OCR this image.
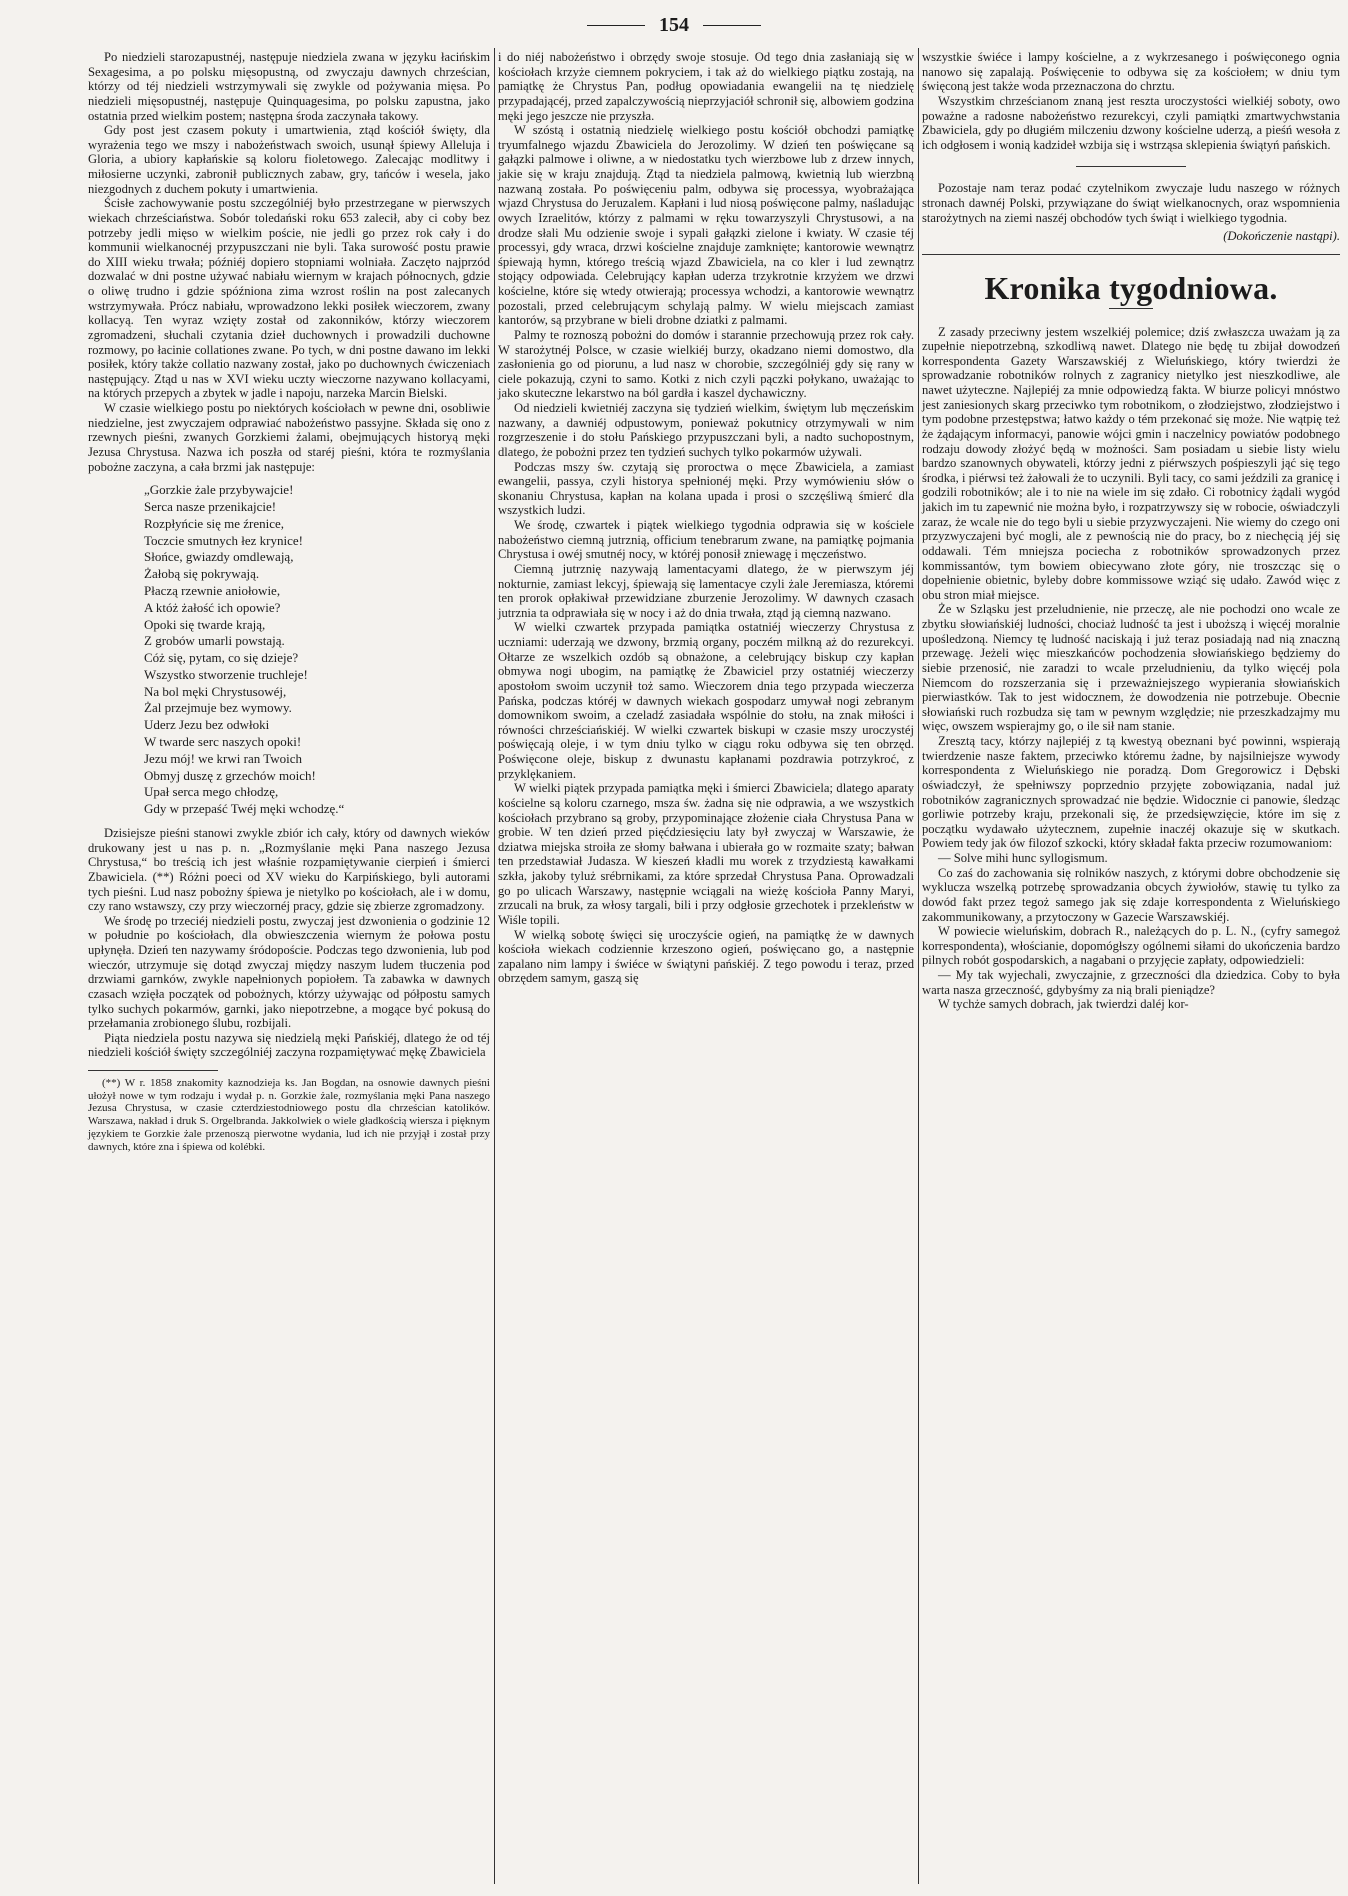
154

Po niedzieli starozapustnéj, następuje niedziela zwana w języku łacińskim Sexagesima, a po polsku mięsopustną, od zwyczaju dawnych chrześcian, którzy od téj niedzieli wstrzymywali się zwykle od pożywania mięsa. Po niedzieli mięsopustnéj, następuje Quinquagesima, po polsku zapustna, jako ostatnia przed wielkim postem; następna środa zaczynała takowy.

Gdy post jest czasem pokuty i umartwienia, ztąd kościół święty, dla wyrażenia tego we mszy i nabożeństwach swoich, usunął śpiewy Alleluja i Gloria, a ubiory kapłańskie są koloru fioletowego. Zalecając modlitwy i miłosierne uczynki, zabronił publicznych zabaw, gry, tańców i wesela, jako niezgodnych z duchem pokuty i umartwienia.

Ścisłe zachowywanie postu szczególniéj było przestrzegane w pierwszych wiekach chrześciaństwa. Sobór toledański roku 653 zalecił, aby ci coby bez potrzeby jedli mięso w wielkim poście, nie jedli go przez rok cały i do kommunii wielkanocnéj przypuszczani nie byli. Taka surowość postu prawie do XIII wieku trwała; późniéj dopiero stopniami wolniała. Zaczęto najprzód dozwalać w dni postne używać nabiału wiernym w krajach północnych, gdzie o oliwę trudno i gdzie spóźniona zima wzrost roślin na post zalecanych wstrzymywała. Prócz nabiału, wprowadzono lekki posiłek wieczorem, zwany kollacyą. Ten wyraz wzięty został od zakonników, którzy wieczorem zgromadzeni, słuchali czytania dzieł duchownych i prowadzili duchowne rozmowy, po łacinie collationes zwane. Po tych, w dni postne dawano im lekki posiłek, który także collatio nazwany został, jako po duchownych ćwiczeniach następujący. Ztąd u nas w XVI wieku uczty wieczorne nazywano kollacyami, na których przepych a zbytek w jadle i napoju, narzeka Marcin Bielski.

W czasie wielkiego postu po niektórych kościołach w pewne dni, osobliwie niedzielne, jest zwyczajem odprawiać nabożeństwo passyjne. Składa się ono z rzewnych pieśni, zwanych Gorzkiemi żalami, obejmujących historyą męki Jezusa Chrystusa. Nazwa ich poszła od staréj pieśni, która te rozmyślania pobożne zaczyna, a cała brzmi jak następuje:

„Gorzkie żale przybywajcie!
Serca nasze przenikajcie!
Rozpłyńcie się me źrenice,
Toczcie smutnych łez krynice!
Słońce, gwiazdy omdlewają,
Żałobą się pokrywają.
Płaczą rzewnie aniołowie,
A któż żałość ich opowie?
Opoki się twarde krają,
Z grobów umarli powstają.
Cóż się, pytam, co się dzieje?
Wszystko stworzenie truchleje!
Na bol męki Chrystusowéj,
Żal przejmuje bez wymowy.
Uderz Jezu bez odwłoki
W twarde serc naszych opoki!
Jezu mój! we krwi ran Twoich
Obmyj duszę z grzechów moich!
Upał serca mego chłodzę,
Gdy w przepaść Twéj męki wchodzę.“

Dzisiejsze pieśni stanowi zwykle zbiór ich cały, który od dawnych wieków drukowany jest u nas p. n. „Rozmyślanie męki Pana naszego Jezusa Chrystusa,“ bo treścią ich jest właśnie rozpamiętywanie cierpień i śmierci Zbawiciela. (**) Różni poeci od XV wieku do Karpińskiego, byli autorami tych pieśni. Lud nasz pobożny śpiewa je nietylko po kościołach, ale i w domu, czy rano wstawszy, czy przy wieczornéj pracy, gdzie się zbierze zgromadzony.

We środę po trzeciéj niedzieli postu, zwyczaj jest dzwonienia o godzinie 12 w południe po kościołach, dla obwieszczenia wiernym że połowa postu upłynęła. Dzień ten nazywamy śródopoście. Podczas tego dzwonienia, lub pod wieczór, utrzymuje się dotąd zwyczaj między naszym ludem tłuczenia pod drzwiami garnków, zwykle napełnionych popiołem. Ta zabawka w dawnych czasach wzięła początek od pobożnych, którzy używając od półpostu samych tylko suchych pokarmów, garnki, jako niepotrzebne, a mogące być pokusą do przełamania zrobionego ślubu, rozbijali.

Piąta niedziela postu nazywa się niedzielą męki Pańskiéj, dlatego że od téj niedzieli kościół święty szczególniéj zaczyna rozpamiętywać mękę Zbawiciela

(**) W r. 1858 znakomity kaznodzieja ks. Jan Bogdan, na osnowie dawnych pieśni ułożył nowe w tym rodzaju i wydał p. n. Gorzkie żale, rozmyślania męki Pana naszego Jezusa Chrystusa, w czasie czterdziestodniowego postu dla chrześcian katolików. Warszawa, nakład i druk S. Orgelbranda. Jakkolwiek o wiele gładkością wiersza i pięknym językiem te Gorzkie żale przenoszą pierwotne wydania, lud ich nie przyjął i został przy dawnych, które zna i śpiewa od kolébki.

i do niéj nabożeństwo i obrzędy swoje stosuje. Od tego dnia zasłaniają się w kościołach krzyże ciemnem pokryciem, i tak aż do wielkiego piątku zostają, na pamiątkę że Chrystus Pan, podług opowiadania ewangelii na tę niedzielę przypadającéj, przed zapalczywością nieprzyjaciół schronił się, albowiem godzina męki jego jeszcze nie przyszła.

W szóstą i ostatnią niedzielę wielkiego postu kościół obchodzi pamiątkę tryumfalnego wjazdu Zbawiciela do Jerozolimy. W dzień ten poświęcane są gałązki palmowe i oliwne, a w niedostatku tych wierzbowe lub z drzew innych, jakie się w kraju znajdują. Ztąd ta niedziela palmową, kwietnią lub wierzbną nazwaną została. Po poświęceniu palm, odbywa się processya, wyobrażająca wjazd Chrystusa do Jeruzalem. Kapłani i lud niosą poświęcone palmy, naśladując owych Izraelitów, którzy z palmami w ręku towarzyszyli Chrystusowi, a na drodze słali Mu odzienie swoje i sypali gałązki zielone i kwiaty. W czasie téj processyi, gdy wraca, drzwi kościelne znajduje zamknięte; kantorowie wewnątrz śpiewają hymn, którego treścią wjazd Zbawiciela, na co kler i lud zewnątrz stojący odpowiada. Celebrujący kapłan uderza trzykrotnie krzyżem we drzwi kościelne, które się wtedy otwierają; processya wchodzi, a kantorowie wewnątrz pozostali, przed celebrującym schylają palmy. W wielu miejscach zamiast kantorów, są przybrane w bieli drobne dziatki z palmami.

Palmy te roznoszą pobożni do domów i starannie przechowują przez rok cały. W starożytnéj Polsce, w czasie wielkiéj burzy, okadzano niemi domostwo, dla zasłonienia go od piorunu, a lud nasz w chorobie, szczególniéj gdy się rany w ciele pokazują, czyni to samo. Kotki z nich czyli pączki połykano, uważając to jako skuteczne lekarstwo na ból gardła i kaszel dychawiczny.

Od niedzieli kwietniéj zaczyna się tydzień wielkim, świętym lub męczeńskim nazwany, a dawniéj odpustowym, ponieważ pokutnicy otrzymywali w nim rozgrzeszenie i do stołu Pańskiego przypuszczani byli, a nadto suchopostnym, dlatego, że pobożni przez ten tydzień suchych tylko pokarmów używali.

Podczas mszy św. czytają się proroctwa o męce Zbawiciela, a zamiast ewangelii, passya, czyli historya spełnionéj męki. Przy wymówieniu słów o skonaniu Chrystusa, kapłan na kolana upada i prosi o szczęśliwą śmierć dla wszystkich ludzi.

We środę, czwartek i piątek wielkiego tygodnia odprawia się w kościele nabożeństwo ciemną jutrznią, officium tenebrarum zwane, na pamiątkę pojmania Chrystusa i owéj smutnéj nocy, w któréj ponosił zniewagę i męczeństwo.

Ciemną jutrznię nazywają lamentacyami dlatego, że w pierwszym jéj nokturnie, zamiast lekcyj, śpiewają się lamentacye czyli żale Jeremiasza, któremi ten prorok opłakiwał przewidziane zburzenie Jerozolimy. W dawnych czasach jutrznia ta odprawiała się w nocy i aż do dnia trwała, ztąd ją ciemną nazwano.

W wielki czwartek przypada pamiątka ostatniéj wieczerzy Chrystusa z uczniami: uderzają we dzwony, brzmią organy, poczém milkną aż do rezurekcyi. Ołtarze ze wszelkich ozdób są obnażone, a celebrujący biskup czy kapłan obmywa nogi ubogim, na pamiątkę że Zbawiciel przy ostatniéj wieczerzy apostołom swoim uczynił toż samo. Wieczorem dnia tego przypada wieczerza Pańska, podczas któréj w dawnych wiekach gospodarz umywał nogi zebranym domownikom swoim, a czeladź zasiadała wspólnie do stołu, na znak miłości i równości chrześciańskiéj. W wielki czwartek biskupi w czasie mszy uroczystéj poświęcają oleje, i w tym dniu tylko w ciągu roku odbywa się ten obrzęd. Poświęcone oleje, biskup z dwunastu kapłanami pozdrawia potrzykroć, z przyklękaniem.

W wielki piątek przypada pamiątka męki i śmierci Zbawiciela; dlatego aparaty kościelne są koloru czarnego, msza św. żadna się nie odprawia, a we wszystkich kościołach przybrano są groby, przypominające złożenie ciała Chrystusa Pana w grobie. W ten dzień przed pięćdziesięciu laty był zwyczaj w Warszawie, że dziatwa miejska stroiła ze słomy bałwana i ubierała go w rozmaite szaty; bałwan ten przedstawiał Judasza. W kieszeń kładli mu worek z trzydziestą kawałkami szkła, jakoby tyluż srébrnikami, za które sprzedał Chrystusa Pana. Oprowadzali go po ulicach Warszawy, następnie wciągali na wieżę kościoła Panny Maryi, zrzucali na bruk, za włosy targali, bili i przy odgłosie grzechotek i przekleństw w Wiśle topili.

W wielką sobotę święci się uroczyście ogień, na pamiątkę że w dawnych kościoła wiekach codziennie krzeszono ogień, poświęcano go, a następnie zapalano nim lampy i świéce w świątyni pańskiéj. Z tego powodu i teraz, przed obrzędem samym, gaszą się

wszystkie świéce i lampy kościelne, a z wykrzesanego i poświęconego ognia nanowo się zapalają. Poświęcenie to odbywa się za kościołem; w dniu tym święconą jest także woda przeznaczona do chrztu.

Wszystkim chrześcianom znaną jest reszta uroczystości wielkiéj soboty, owo poważne a radosne nabożeństwo rezurekcyi, czyli pamiątki zmartwychwstania Zbawiciela, gdy po długiém milczeniu dzwony kościelne uderzą, a pieśń wesoła z ich odgłosem i wonią kadzideł wzbija się i wstrząsa sklepienia świątyń pańskich.

Pozostaje nam teraz podać czytelnikom zwyczaje ludu naszego w różnych stronach dawnéj Polski, przywiązane do świąt wielkanocnych, oraz wspomnienia starożytnych na ziemi naszéj obchodów tych świąt i wielkiego tygodnia.

(Dokończenie nastąpi).
Kronika tygodniowa.

Z zasady przeciwny jestem wszelkiéj polemice; dziś zwłaszcza uważam ją za zupełnie niepotrzebną, szkodliwą nawet. Dlatego nie będę tu zbijał dowodzeń korrespondenta Gazety Warszawskiéj z Wieluńskiego, który twierdzi że sprowadzanie robotników rolnych z zagranicy nietylko jest nieszkodliwe, ale nawet użyteczne. Najlepiéj za mnie odpowiedzą fakta. W biurze policyi mnóstwo jest zaniesionych skarg przeciwko tym robotnikom, o złodziejstwo, złodziejstwo i tym podobne przestępstwa; łatwo każdy o tém przekonać się może. Nie wątpię też że żądającym informacyi, panowie wójci gmin i naczelnicy powiatów podobnego rodzaju dowody złożyć będą w możności. Sam posiadam u siebie listy wielu bardzo szanownych obywateli, którzy jedni z piérwszych pośpieszyli jąć się tego środka, i piérwsi też żałowali że to uczynili. Byli tacy, co sami jeździli za granicę i godzili robotników; ale i to nie na wiele im się zdało. Ci robotnicy żądali wygód jakich im tu zapewnić nie można było, i rozpatrzywszy się w robocie, oświadczyli zaraz, że wcale nie do tego byli u siebie przyzwyczajeni. Nie wiemy do czego oni przyzwyczajeni być mogli, ale z pewnością nie do pracy, bo z niechęcią jéj się oddawali. Tém mniejsza pociecha z robotników sprowadzonych przez kommissantów, tym bowiem obiecywano złote góry, nie troszcząc się o dopełnienie obietnic, byleby dobre kommissowe wziąć się udało. Zawód więc z obu stron miał miejsce.

Że w Szląsku jest przeludnienie, nie przeczę, ale nie pochodzi ono wcale ze zbytku słowiańskiéj ludności, chociaż ludność ta jest i uboższą i więcéj moralnie upośledzoną. Niemcy tę ludność naciskają i już teraz posiadają nad nią znaczną przewagę. Jeżeli więc mieszkańców pochodzenia słowiańskiego będziemy do siebie przenosić, nie zaradzi to wcale przeludnieniu, da tylko więcéj pola Niemcom do rozszerzania się i przeważniejszego wypierania słowiańskich pierwiastków. Tak to jest widocznem, że dowodzenia nie potrzebuje. Obecnie słowiański ruch rozbudza się tam w pewnym względzie; nie przeszkadzajmy mu więc, owszem wspierajmy go, o ile sił nam stanie.

Zresztą tacy, którzy najlepiéj z tą kwestyą obeznani być powinni, wspierają twierdzenie nasze faktem, przeciwko któremu żadne, by najsilniejsze wywody korrespondenta z Wieluńskiego nie poradzą. Dom Gregorowicz i Dębski oświadczył, że spełniwszy poprzednio przyjęte zobowiązania, nadal już robotników zagranicznych sprowadzać nie będzie. Widocznie ci panowie, śledząc gorliwie potrzeby kraju, przekonali się, że przedsięwzięcie, które im się z początku wydawało użytecznem, zupełnie inaczéj okazuje się w skutkach. Powiem tedy jak ów filozof szkocki, który składał fakta przeciw rozumowaniom:

— Solve mihi hunc syllogismum.

Co zaś do zachowania się rolników naszych, z którymi dobre obchodzenie się wyklucza wszelką potrzebę sprowadzania obcych żywiołów, stawię tu tylko za dowód fakt przez tegoż samego jak się zdaje korrespondenta z Wieluńskiego zakommunikowany, a przytoczony w Gazecie Warszawskiéj.

W powiecie wieluńskim, dobrach R., należących do p. L. N., (cyfry samegoż korrespondenta), włościanie, dopomógłszy ogólnemi siłami do ukończenia bardzo pilnych robót gospodarskich, a nagabani o przyjęcie zapłaty, odpowiedzieli:

— My tak wyjechali, zwyczajnie, z grzeczności dla dziedzica. Coby to była warta nasza grzeczność, gdybyśmy za nią brali pieniądze?

W tychże samych dobrach, jak twierdzi daléj kor-
